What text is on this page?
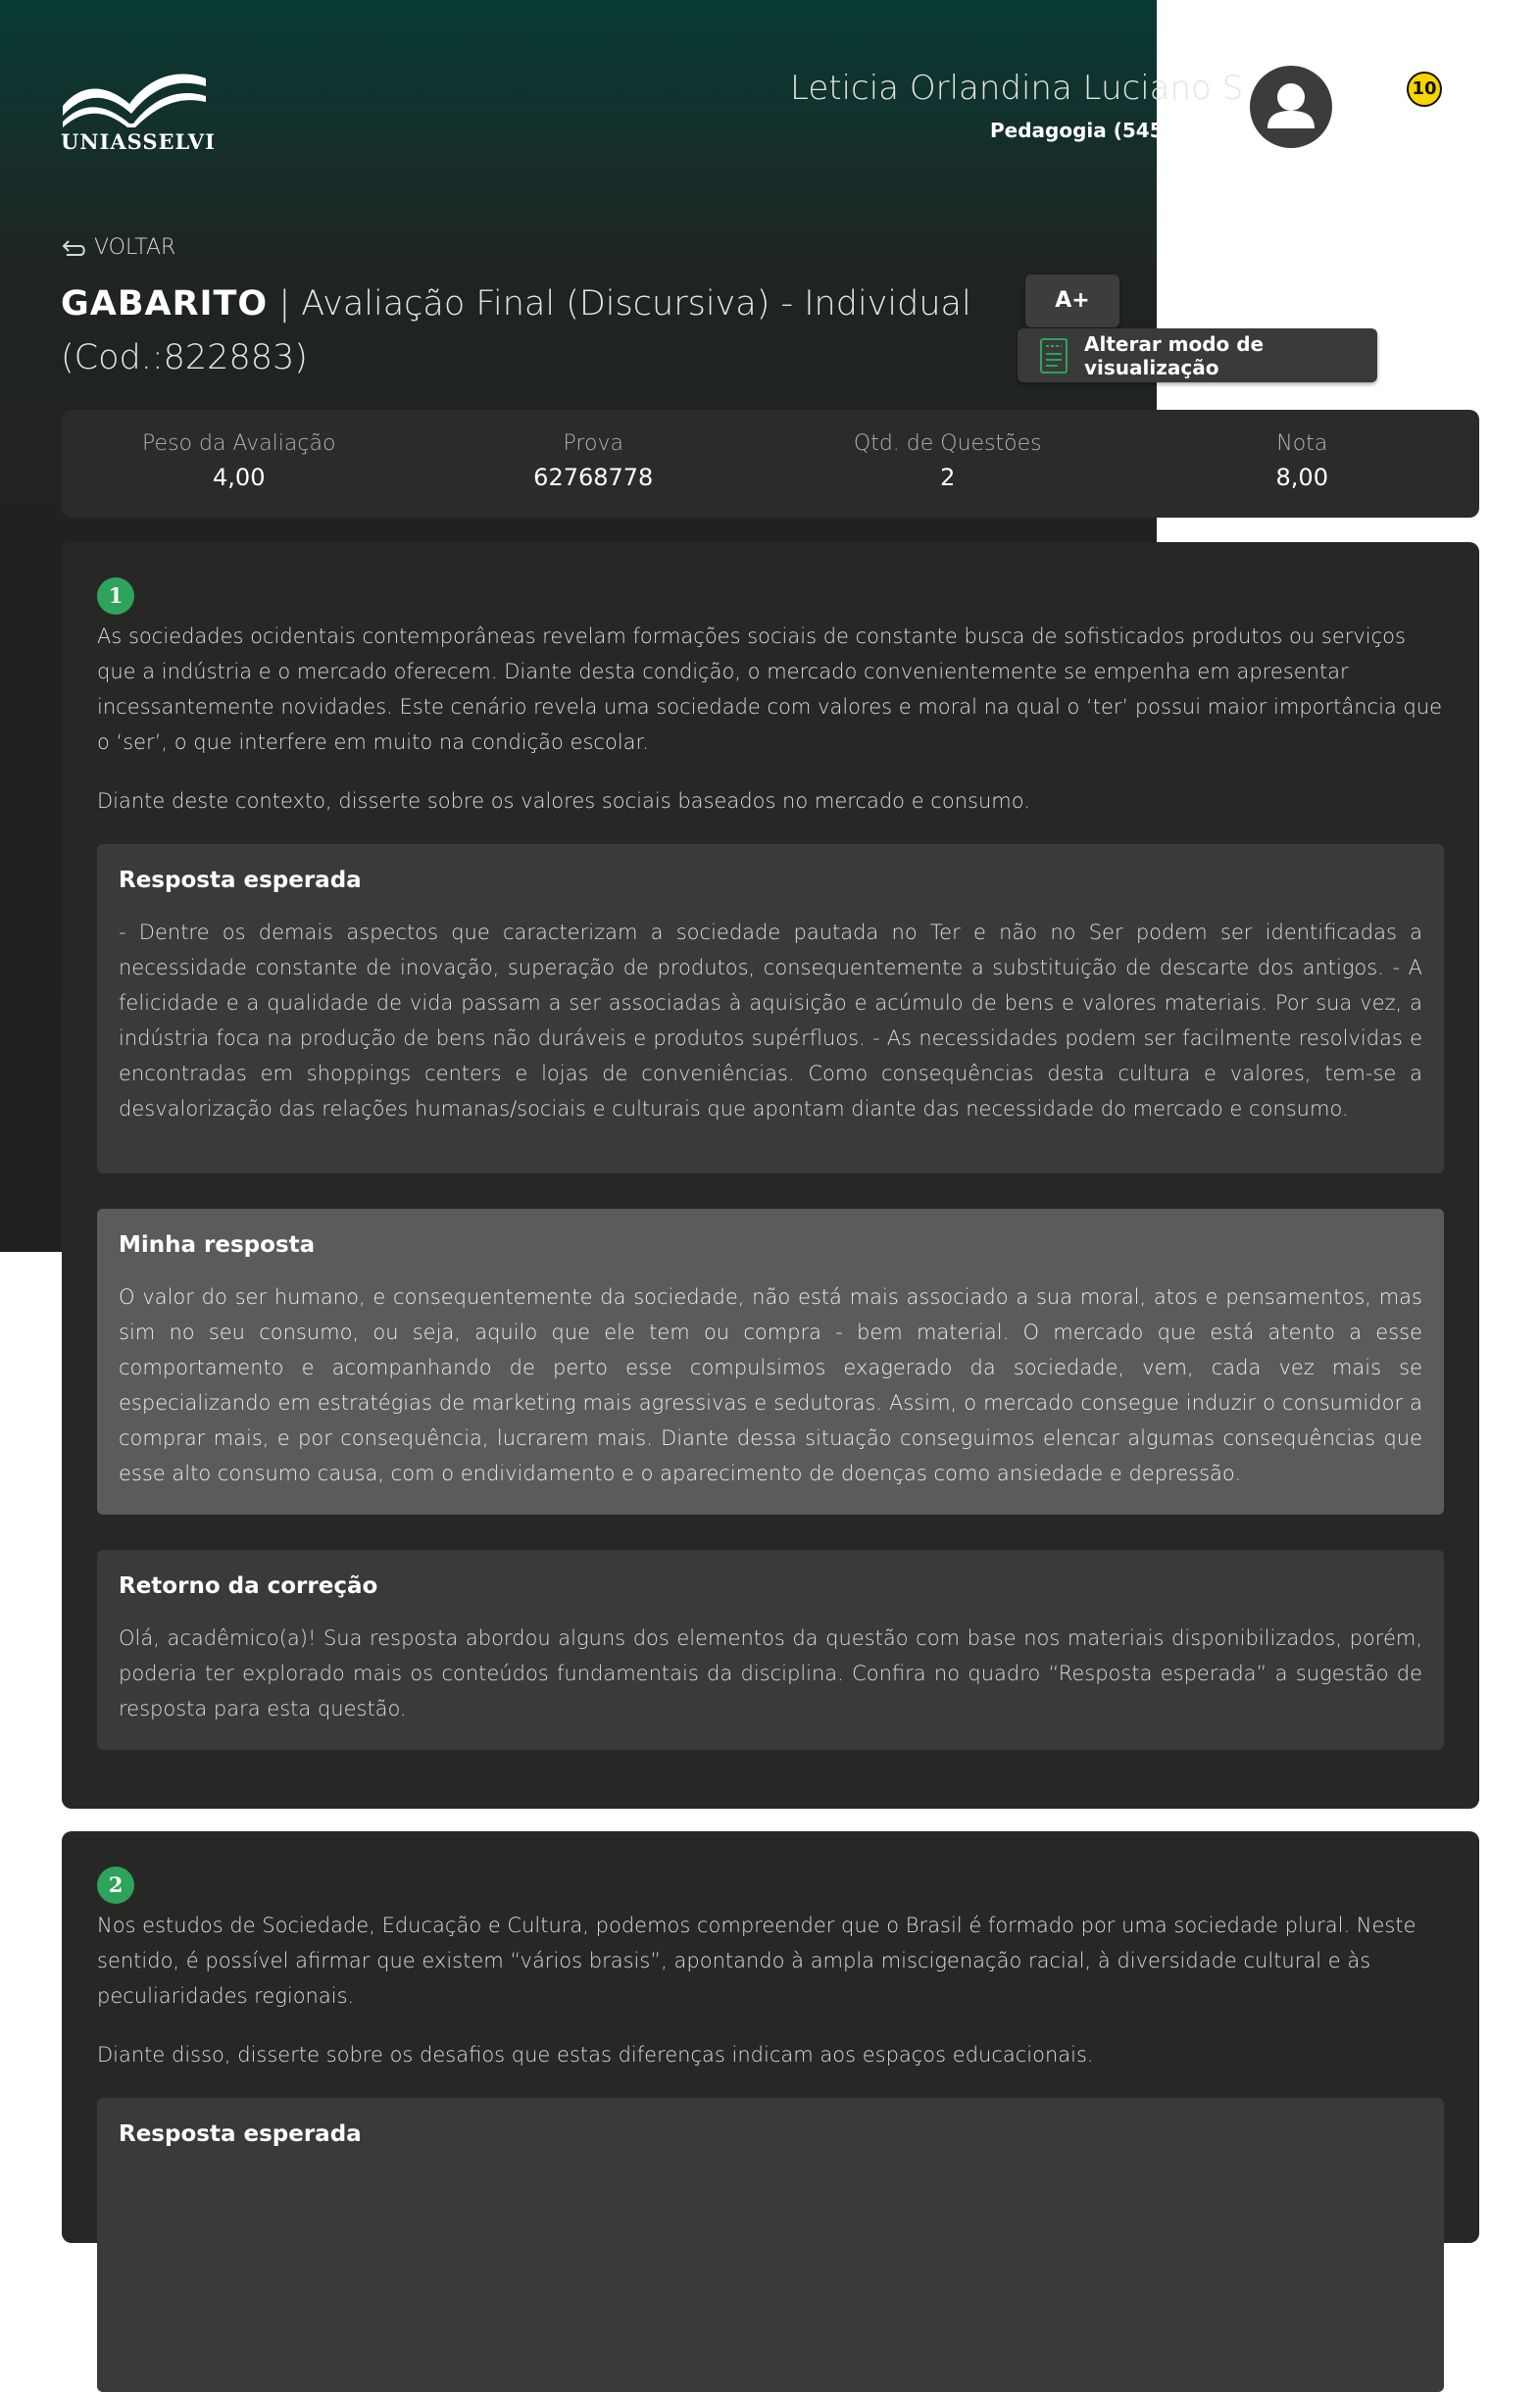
UNIASSELVI
Leticia Orlandina Luciano S
Pedagogia (545
10
VOLTAR
GABARITO | Avaliação Final (Discursiva) - Individual
(Cod.:822883)
A+
Alterar modo de visualização
Peso da Avaliação
4,00
Prova
62768778
Qtd. de Questões
2
Nota
8,00
1
As sociedades ocidentais contemporâneas revelam formações sociais de constante busca de sofisticados produtos ou serviços que a indústria e o mercado oferecem. Diante desta condição, o mercado convenientemente se empenha em apresentar incessantemente novidades. Este cenário revela uma sociedade com valores e moral na qual o ‘ter’ possui maior importância que o ‘ser’, o que interfere em muito na condição escolar.
Diante deste contexto, disserte sobre os valores sociais baseados no mercado e consumo.
Resposta esperada
- Dentre os demais aspectos que caracterizam a sociedade pautada no Ter e não no Ser podem ser identificadas a necessidade constante de inovação, superação de produtos, consequentemente a substituição de descarte dos antigos. - A felicidade e a qualidade de vida passam a ser associadas à aquisição e acúmulo de bens e valores materiais. Por sua vez, a indústria foca na produção de bens não duráveis e produtos supérfluos. - As necessidades podem ser facilmente resolvidas e encontradas em shoppings centers e lojas de conveniências. Como consequências desta cultura e valores, tem-se a desvalorização das relações humanas/sociais e culturais que apontam diante das necessidade do mercado e consumo.
Minha resposta
O valor do ser humano, e consequentemente da sociedade, não está mais associado a sua moral, atos e pensamentos, mas sim no seu consumo, ou seja, aquilo que ele tem ou compra - bem material. O mercado que está atento a esse comportamento e acompanhando de perto esse compulsimos exagerado da sociedade, vem, cada vez mais se especializando em estratégias de marketing mais agressivas e sedutoras. Assim, o mercado consegue induzir o consumidor a comprar mais, e por consequência, lucrarem mais. Diante dessa situação conseguimos elencar algumas consequências que esse alto consumo causa, com o endividamento e o aparecimento de doenças como ansiedade e depressão.
Retorno da correção
Olá, acadêmico(a)! Sua resposta abordou alguns dos elementos da questão com base nos materiais disponibilizados, porém, poderia ter explorado mais os conteúdos fundamentais da disciplina. Confira no quadro “Resposta esperada” a sugestão de resposta para esta questão.
2
Nos estudos de Sociedade, Educação e Cultura, podemos compreender que o Brasil é formado por uma sociedade plural. Neste sentido, é possível afirmar que existem “vários brasis”, apontando à ampla miscigenação racial, à diversidade cultural e às peculiaridades regionais.
Diante disso, disserte sobre os desafios que estas diferenças indicam aos espaços educacionais.
Resposta esperada
